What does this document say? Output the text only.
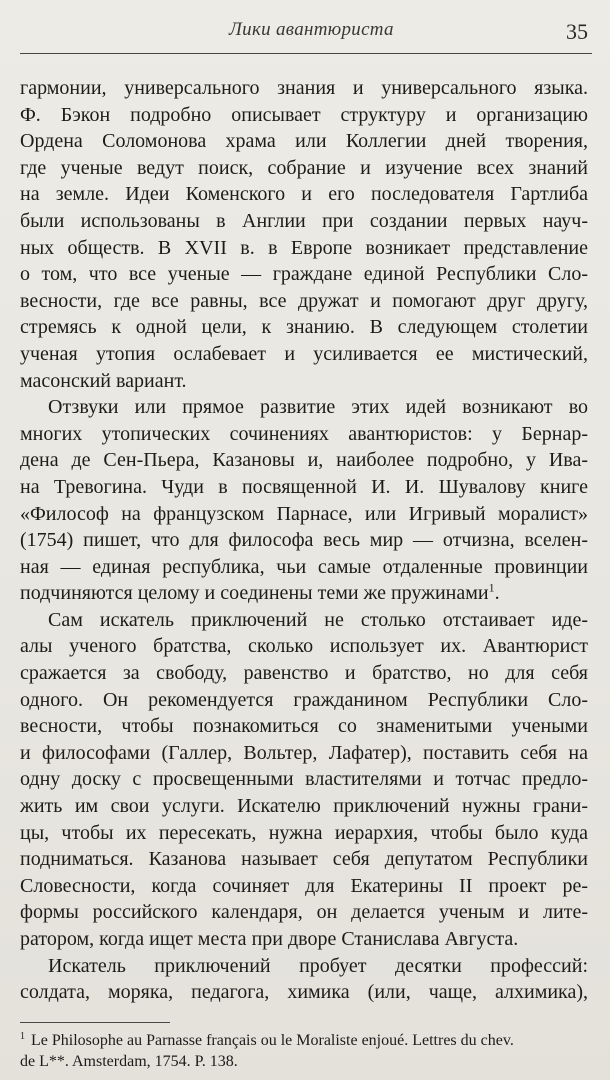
Лики авантюриста	35
гармонии, универсального знания и универсального языка.
Ф. Бэкон подробно описывает структуру и организацию
Ордена Соломонова храма или Коллегии дней творения,
где ученые ведут поиск, собрание и изучение всех знаний
на земле. Идеи Коменского и его последователя Гартлиба
были использованы в Англии при создании первых науч-
ных обществ. В XVII в. в Европе возникает представление
о том, что все ученые — граждане единой Республики Сло-
весности, где все равны, все дружат и помогают друг другу,
стремясь к одной цели, к знанию. В следующем столетии
ученая утопия ослабевает и усиливается ее мистический,
масонский вариант.
Отзвуки или прямое развитие этих идей возникают во
многих утопических сочинениях авантюристов: у Бернар-
дена де Сен-Пьера, Казановы и, наиболее подробно, у Ива-
на Тревогина. Чуди в посвященной И. И. Шувалову книге
«Философ на французском Парнасе, или Игривый моралист»
(1754) пишет, что для философа весь мир — отчизна, вселен-
ная — единая республика, чьи самые отдаленные провинции
подчиняются целому и соединены теми же пружинами$^1$.
Сам искатель приключений не столько отстаивает иде-
алы ученого братства, сколько использует их. Авантюрист
сражается за свободу, равенство и братство, но для себя
одного. Он рекомендуется гражданином Республики Сло-
весности, чтобы познакомиться со знаменитыми учеными
и философами (Галлер, Вольтер, Лафатер), поставить себя на
одну доску с просвещенными властителями и тотчас предло-
жить им свои услуги. Искателю приключений нужны грани-
цы, чтобы их пересекать, нужна иерархия, чтобы было куда
подниматься. Казанова называет себя депутатом Республики
Словесности, когда сочиняет для Екатерины II проект ре-
формы российского календаря, он делается ученым и лите-
ратором, когда ищет места при дворе Станислава Августа.
Искатель приключений пробует десятки профессий:
солдата, моряка, педагога, химика (или, чаще, алхимика),
$^1$ Le Philosophe au Parnasse français ou le Moraliste enjoué. Lettres du chev.
de L**. Amsterdam, 1754. P. 138.
